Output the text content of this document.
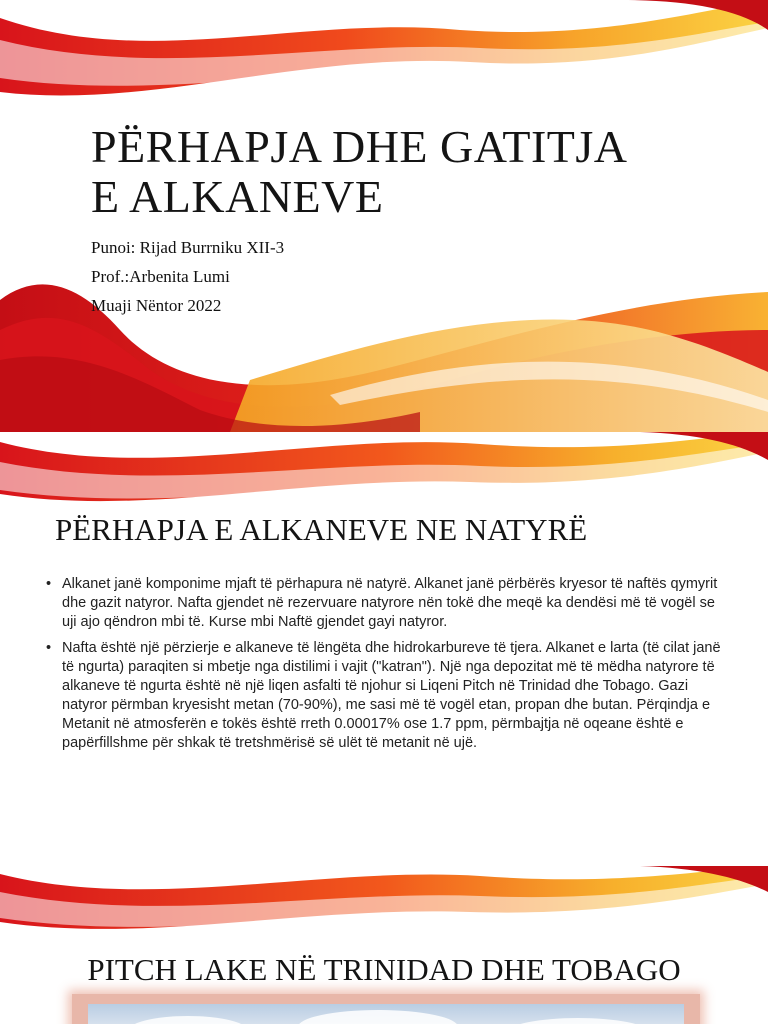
PËRHAPJA DHE GATITJA
E ALKANEVE
Punoi: Rijad Burrniku XII-3
Prof.:Arbenita Lumi
Muaji Nëntor 2022
PËRHAPJA E ALKANEVE NE NATYRË
• Alkanet janë komponime mjaft të përhapura në natyrë. Alkanet janë përbërës kryesor të naftës qymyrit dhe gazit natyror. Nafta gjendet në rezervuare natyrore nën tokë dhe meqë ka dendësi më të vogël se uji ajo qëndron mbi të. Kurse mbi Naftë gjendet gayi natyror.
• Nafta është një përzierje e alkaneve të lëngëta dhe hidrokarbureve të tjera. Alkanet e larta (të cilat janë të ngurta) paraqiten si mbetje nga distilimi i vajit ("katran"). Një nga depozitat më të mëdha natyrore të alkaneve të ngurta është në një liqen asfalti të njohur si Liqeni Pitch në Trinidad dhe Tobago. Gazi natyror përmban kryesisht metan (70-90%), me sasi më të vogël etan, propan dhe butan. Përqindja e Metanit në atmosferën e tokës është rreth 0.00017% ose 1.7 ppm, përmbajtja në oqeane është e papërfillshme për shkak të tretshmërisë së ulët të metanit në ujë.
PITCH LAKE NË TRINIDAD DHE TOBAGO
